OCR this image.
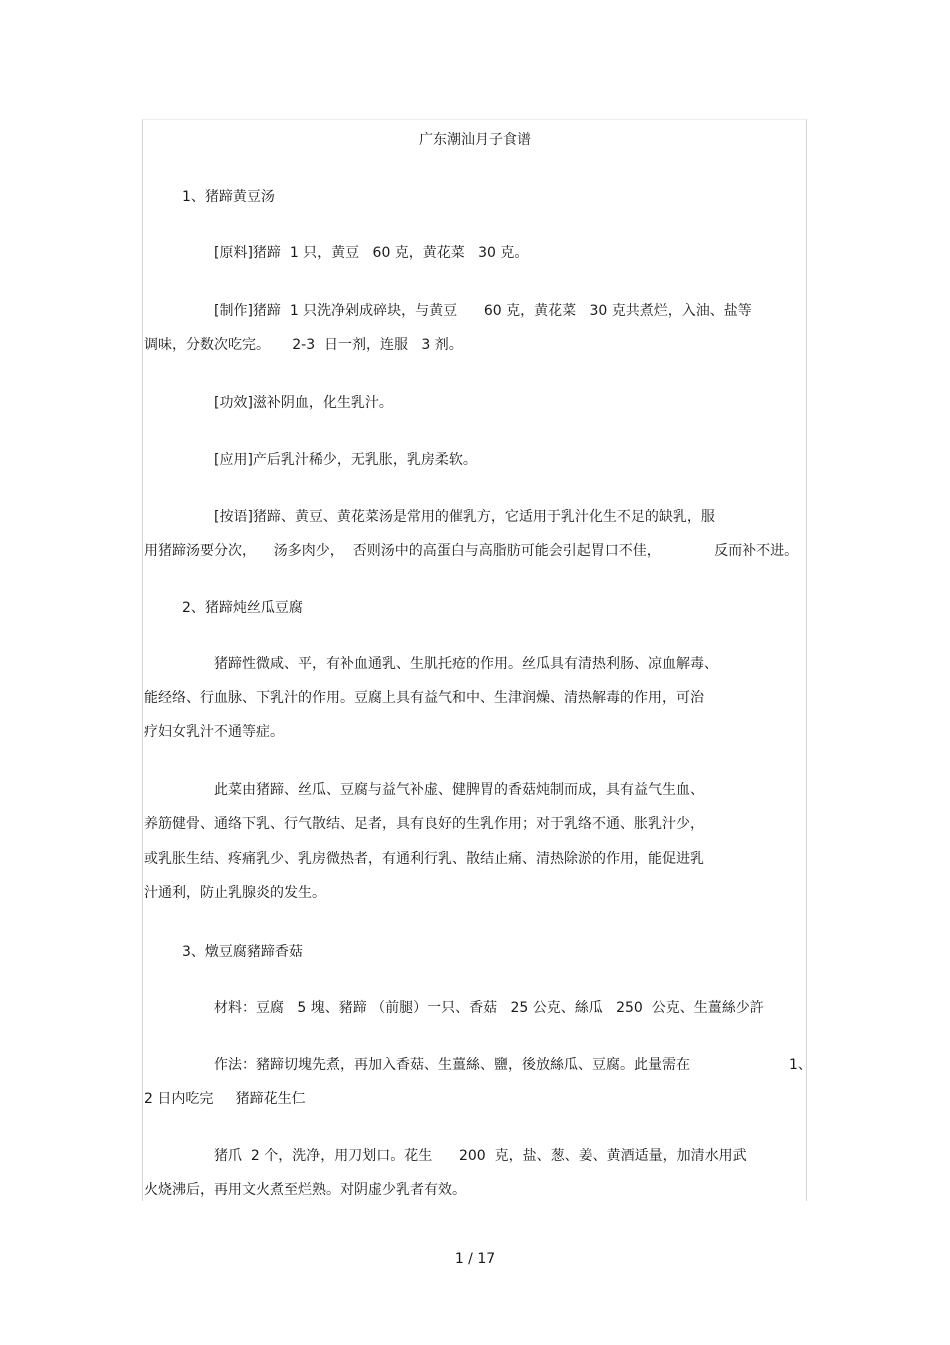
广东潮汕月子食谱
1、猪蹄黄豆汤
[原料]猪蹄  1 只，黄豆   60 克，黄花菜   30 克。
[制作]猪蹄  1 只洗净剁成碎块，与黄豆      60 克，黄花菜   30 克共煮烂，入油、盐等
调味，分数次吃完。     2-3  日一剂，连服   3 剂。
[功效]滋补阴血，化生乳汁。
[应用]产后乳汁稀少，无乳胀，乳房柔软。
[按语]猪蹄、黄豆、黄花菜汤是常用的催乳方，它适用于乳汁化生不足的缺乳，服
用猪蹄汤要分次，    汤多肉少，  否则汤中的高蛋白与高脂肪可能会引起胃口不佳，            反而补不进。
2、猪蹄炖丝瓜豆腐
猪蹄性微咸、平，有补血通乳、生肌托疮的作用。丝瓜具有清热利肠、凉血解毒、
能经络、行血脉、下乳汁的作用。豆腐上具有益气和中、生津润燥、清热解毒的作用，可治
疗妇女乳汁不通等症。
此菜由猪蹄、丝瓜、豆腐与益气补虚、健脾胃的香菇炖制而成，具有益气生血、
养筋健骨、通络下乳、行气散结、足者，具有良好的生乳作用；对于乳络不通、胀乳汁少，
或乳胀生结、疼痛乳少、乳房微热者，有通利行乳、散结止痛、清热除淤的作用，能促进乳
汁通利，防止乳腺炎的发生。
3、燉豆腐豬蹄香菇
材料：豆腐   5 塊、豬蹄 （前腿）一只、香菇   25 公克、絲瓜   250  公克、生薑絲少許
作法：豬蹄切塊先煮，再加入香菇、生薑絲、鹽，後放絲瓜、豆腐。此量需在	1、
2 日内吃完     猪蹄花生仁
猪爪  2 个，洗净，用刀划口。花生      200  克，盐、葱、姜、黄酒适量，加清水用武
火烧沸后，再用文火煮至烂熟。对阴虚少乳者有效。
1 / 17
